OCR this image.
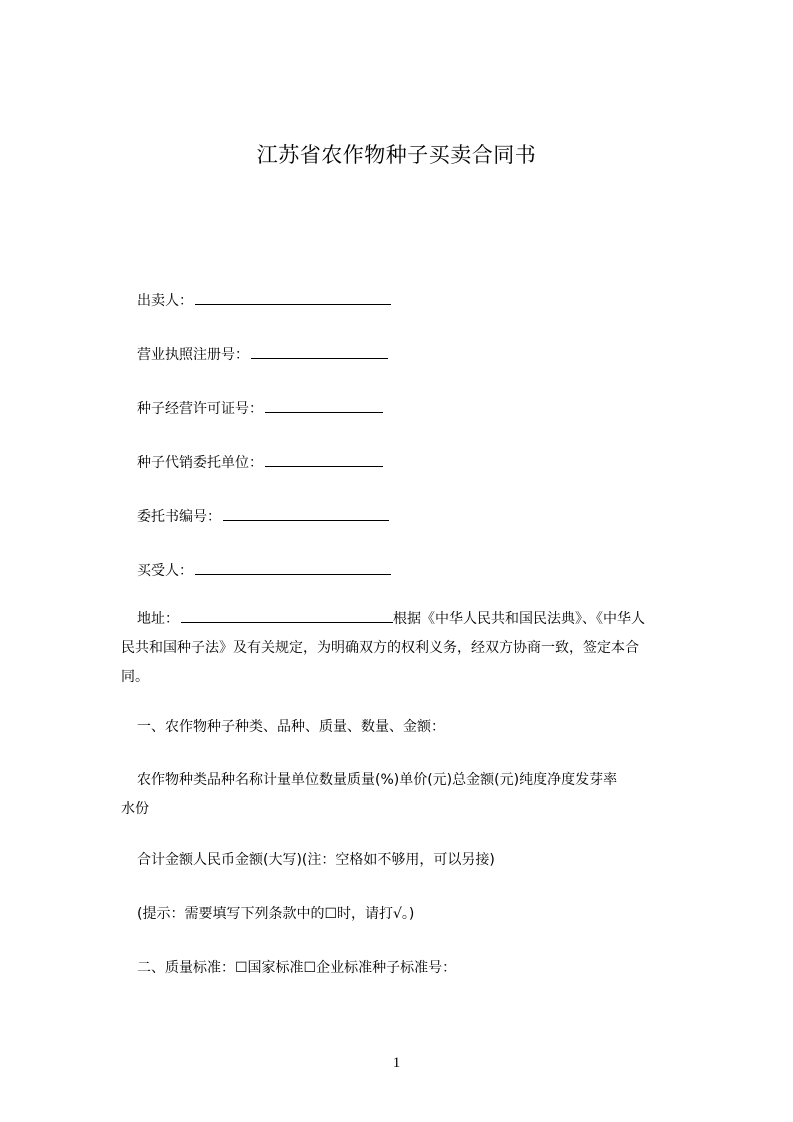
江苏省农作物种子买卖合同书
出卖人：
营业执照注册号：
种子经营许可证号：
种子代销委托单位：
委托书编号：
买受人：
地址：	根据《中华人民共和国民法典》、《中华人
民共和国种子法》及有关规定，为明确双方的权利义务，经双方协商一致，签定本合
同。
一、农作物种子种类、品种、质量、数量、金额：
农作物种类品种名称计量单位数量质量(%)单价(元)总金额(元)纯度净度发芽率
水份
合计金额人民币金额(大写)(注：空格如不够用，可以另接)
(提示：需要填写下列条款中的☐时，请打√。)
二、质量标准：☐国家标准☐企业标准种子标准号：
1
